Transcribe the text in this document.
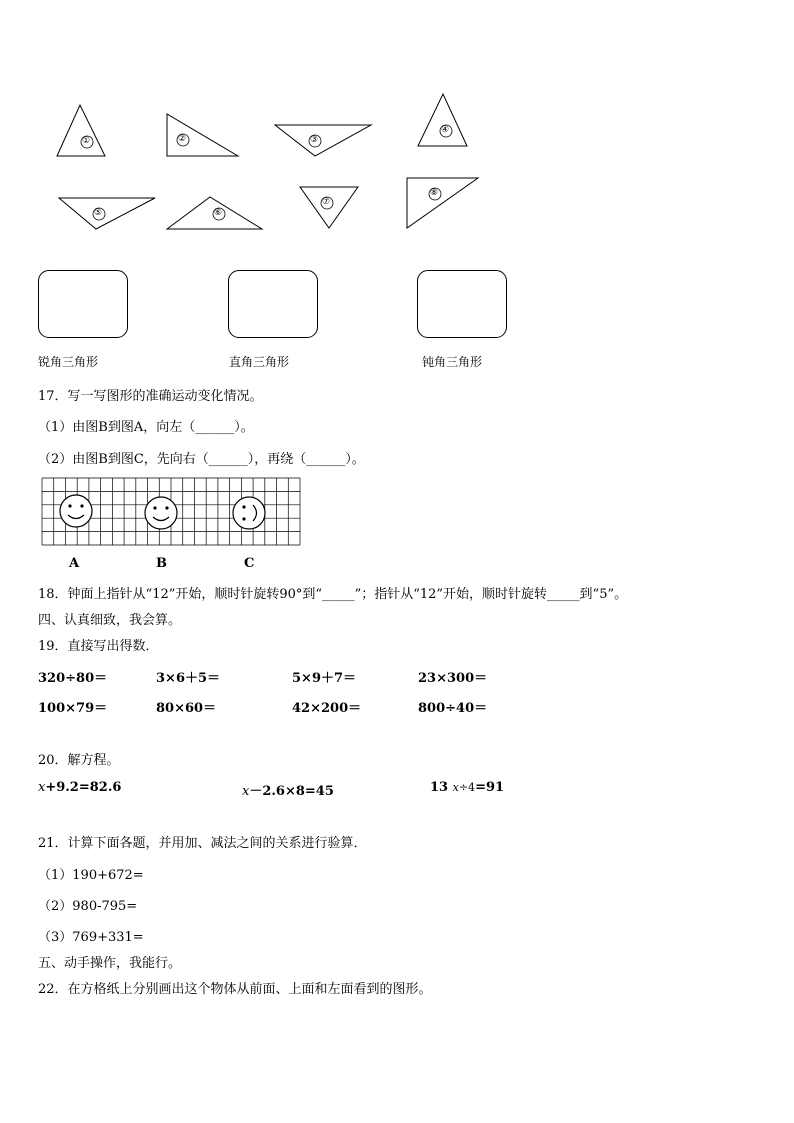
①	②	③
④
⑤	⑥
⑦
⑧
锐角三角形	直角三角形	钝角三角形
17．写一写图形的准确运动变化情况。
（1）由图B到图A，向左（______）。
（2）由图B到图C，先向右（______），再绕（______）。
A	B	C
18．钟面上指针从“12”开始，顺时针旋转90°到“_____”；指针从“12”开始，顺时针旋转_____到“5”。
四、认真细致，我会算。
19．直接写出得数．
320÷80＝	3×6＋5＝	5×9＋7＝	23×300＝
100×79＝	80×60＝	42×200＝	800÷40＝
20．解方程。
x+9.2=82.6	x－2.6×8=45	13 x÷4=91
21．计算下面各题，并用加、减法之间的关系进行验算．
（1）190+672=
（2）980-795=
（3）769+331=
五、动手操作，我能行。
22．在方格纸上分别画出这个物体从前面、上面和左面看到的图形。
